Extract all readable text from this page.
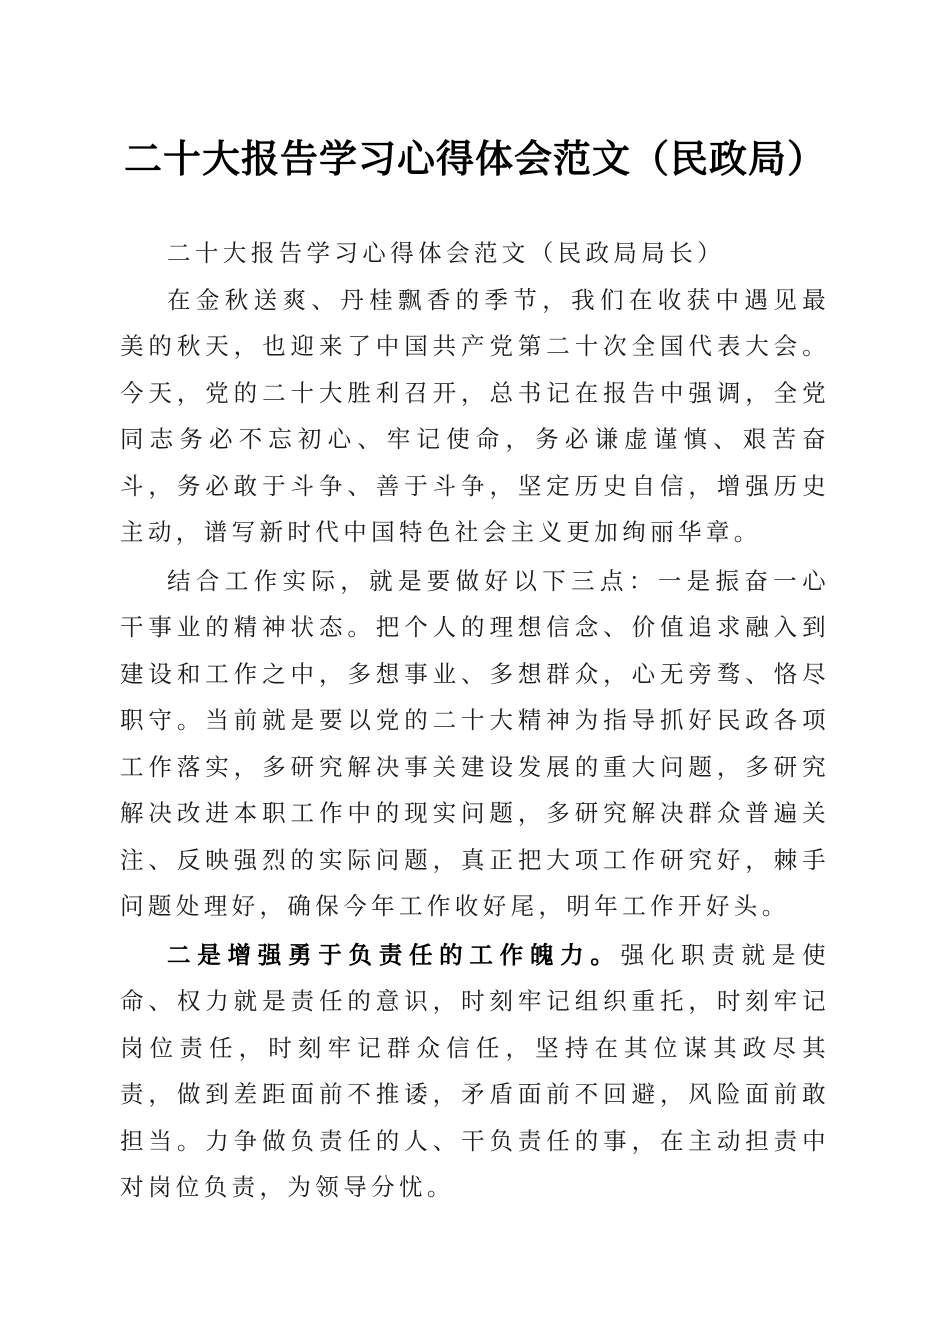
二十大报告学习心得体会范文（民政局）

二十大报告学习心得体会范文（民政局局长）

在金秋送爽、丹桂飘香的季节，我们在收获中遇见最美的秋天，也迎来了中国共产党第二十次全国代表大会。今天，党的二十大胜利召开，总书记在报告中强调，全党同志务必不忘初心、牢记使命，务必谦虚谨慎、艰苦奋斗，务必敢于斗争、善于斗争，坚定历史自信，增强历史主动，谱写新时代中国特色社会主义更加绚丽华章。

结合工作实际，就是要做好以下三点：一是振奋一心干事业的精神状态。把个人的理想信念、价值追求融入到建设和工作之中，多想事业、多想群众，心无旁骛、恪尽职守。当前就是要以党的二十大精神为指导抓好民政各项工作落实，多研究解决事关建设发展的重大问题，多研究解决改进本职工作中的现实问题，多研究解决群众普遍关注、反映强烈的实际问题，真正把大项工作研究好，棘手问题处理好，确保今年工作收好尾，明年工作开好头。

二是增强勇于负责任的工作魄力。强化职责就是使命、权力就是责任的意识，时刻牢记组织重托，时刻牢记岗位责任，时刻牢记群众信任，坚持在其位谋其政尽其责，做到差距面前不推诿，矛盾面前不回避，风险面前敢担当。力争做负责任的人、干负责任的事，在主动担责中对岗位负责，为领导分忧。
